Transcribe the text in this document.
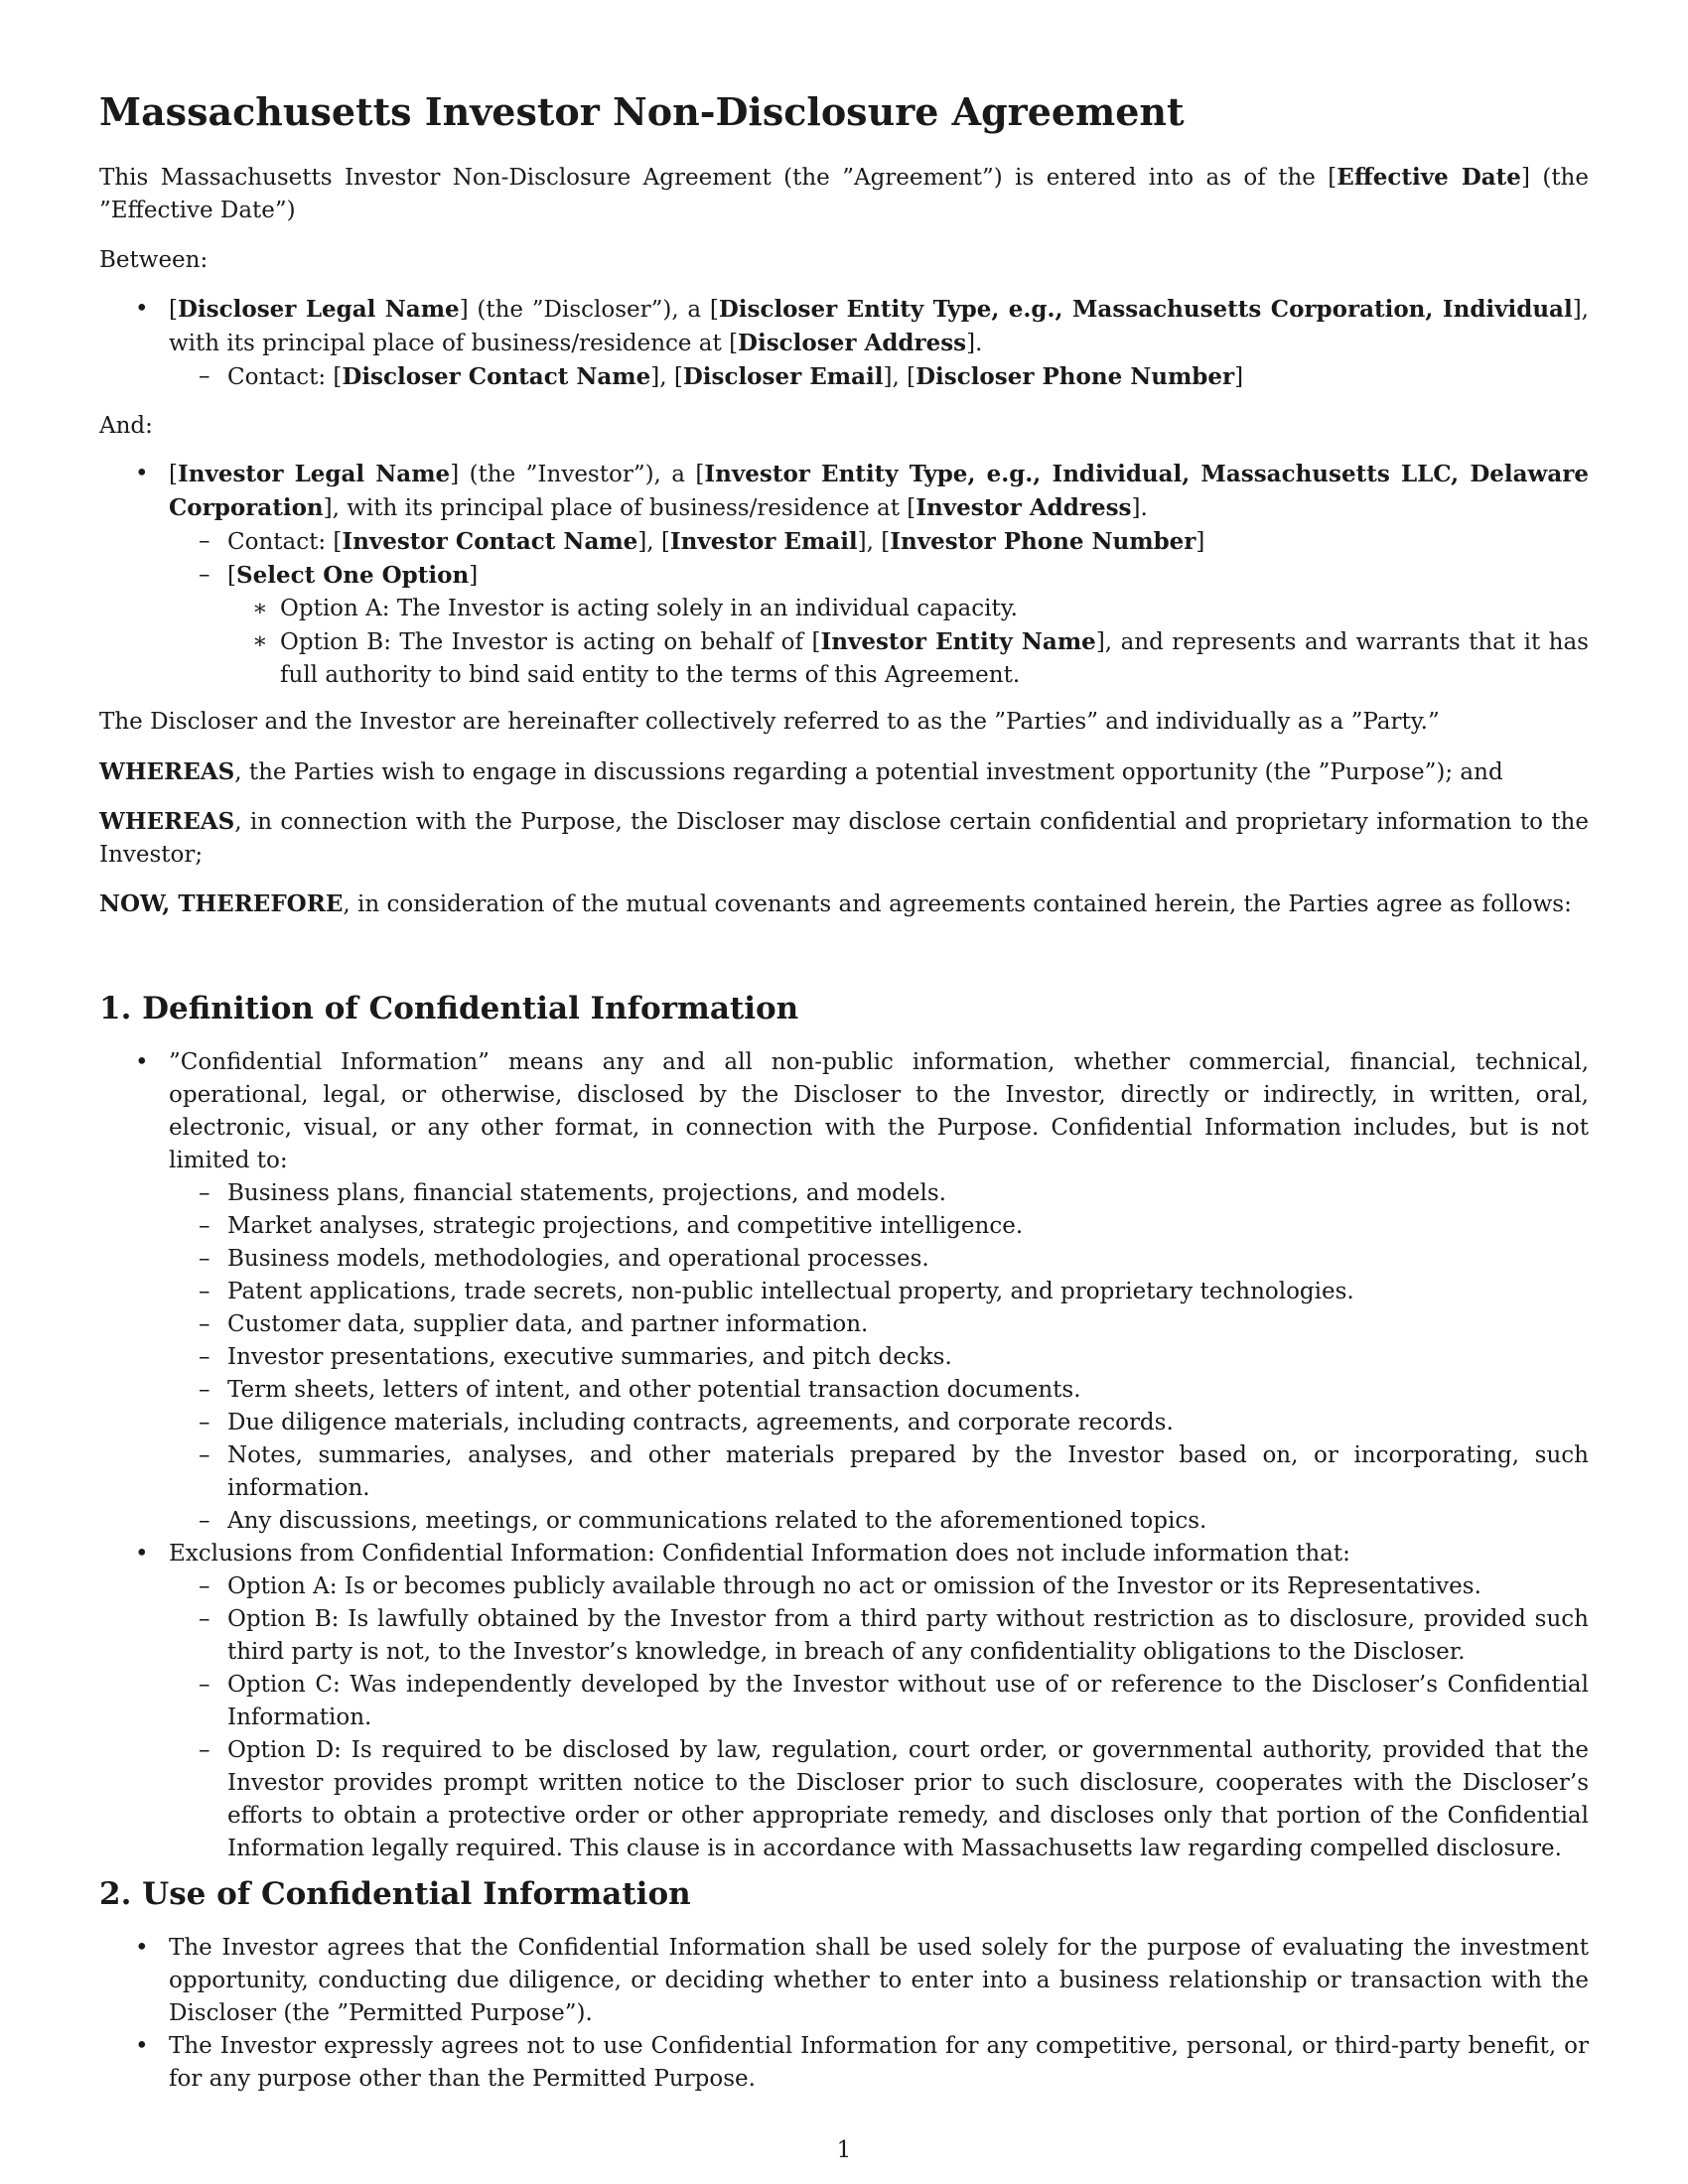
Massachusetts Investor Non-Disclosure Agreement

This Massachusetts Investor Non-Disclosure Agreement (the ”Agreement”) is entered into as of the [Effective Date] (the ”Effective Date”)

Between:

• [Discloser Legal Name] (the ”Discloser”), a [Discloser Entity Type, e.g., Massachusetts Corporation, Individual], with its principal place of business/residence at [Discloser Address].
– Contact: [Discloser Contact Name], [Discloser Email], [Discloser Phone Number]

And:

• [Investor Legal Name] (the ”Investor”), a [Investor Entity Type, e.g., Individual, Massachusetts LLC, Delaware Corporation], with its principal place of business/residence at [Investor Address].
– Contact: [Investor Contact Name], [Investor Email], [Investor Phone Number]
– [Select One Option]
∗ Option A: The Investor is acting solely in an individual capacity.
∗ Option B: The Investor is acting on behalf of [Investor Entity Name], and represents and warrants that it has full authority to bind said entity to the terms of this Agreement.

The Discloser and the Investor are hereinafter collectively referred to as the ”Parties” and individually as a ”Party.”

WHEREAS, the Parties wish to engage in discussions regarding a potential investment opportunity (the ”Purpose”); and

WHEREAS, in connection with the Purpose, the Discloser may disclose certain confidential and proprietary information to the Investor;

NOW, THEREFORE, in consideration of the mutual covenants and agreements contained herein, the Parties agree as follows:

1. Definition of Confidential Information
• ”Confidential Information” means any and all non-public information, whether commercial, financial, technical, operational, legal, or otherwise, disclosed by the Discloser to the Investor, directly or indirectly, in written, oral, electronic, visual, or any other format, in connection with the Purpose. Confidential Information includes, but is not limited to:
– Business plans, financial statements, projections, and models.
– Market analyses, strategic projections, and competitive intelligence.
– Business models, methodologies, and operational processes.
– Patent applications, trade secrets, non-public intellectual property, and proprietary technologies.
– Customer data, supplier data, and partner information.
– Investor presentations, executive summaries, and pitch decks.
– Term sheets, letters of intent, and other potential transaction documents.
– Due diligence materials, including contracts, agreements, and corporate records.
– Notes, summaries, analyses, and other materials prepared by the Investor based on, or incorporating, such information.
– Any discussions, meetings, or communications related to the aforementioned topics.
• Exclusions from Confidential Information: Confidential Information does not include information that:
– Option A: Is or becomes publicly available through no act or omission of the Investor or its Representatives.
– Option B: Is lawfully obtained by the Investor from a third party without restriction as to disclosure, provided such third party is not, to the Investor’s knowledge, in breach of any confidentiality obligations to the Discloser.
– Option C: Was independently developed by the Investor without use of or reference to the Discloser’s Confidential Information.
– Option D: Is required to be disclosed by law, regulation, court order, or governmental authority, provided that the Investor provides prompt written notice to the Discloser prior to such disclosure, cooperates with the Discloser’s efforts to obtain a protective order or other appropriate remedy, and discloses only that portion of the Confidential Information legally required. This clause is in accordance with Massachusetts law regarding compelled disclosure.
2. Use of Confidential Information
• The Investor agrees that the Confidential Information shall be used solely for the purpose of evaluating the investment opportunity, conducting due diligence, or deciding whether to enter into a business relationship or transaction with the Discloser (the ”Permitted Purpose”).
• The Investor expressly agrees not to use Confidential Information for any competitive, personal, or third-party benefit, or for any purpose other than the Permitted Purpose.
1
